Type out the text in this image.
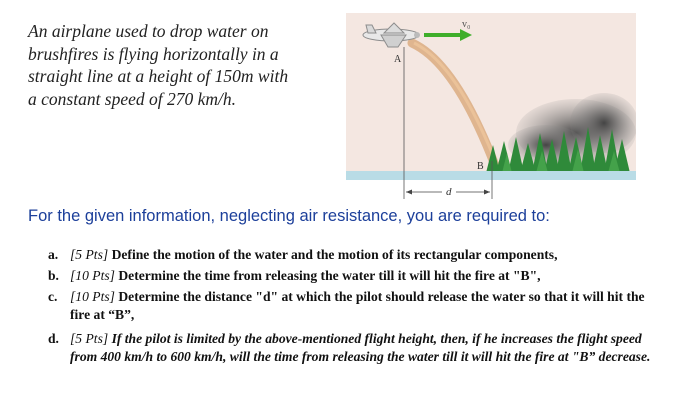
An airplane used to drop water on
brushfires is flying horizontally in a
straight line at a height of 150m with
a constant speed of 270 km/h.
v₀
A
B
d
For the given information, neglecting air resistance, you are required to:
a. [5 Pts] Define the motion of the water and the motion of its rectangular components,
b. [10 Pts] Determine the time from releasing the water till it will hit the fire at "B",
c. [10 Pts] Determine the distance "d" at which the pilot should release the water so that it will hit the fire at “B”,
d. [5 Pts] If the pilot is limited by the above-mentioned flight height, then, if he increases the flight speed from 400 km/h to 600 km/h, will the time from releasing the water till it will hit the fire at "B” decrease.
